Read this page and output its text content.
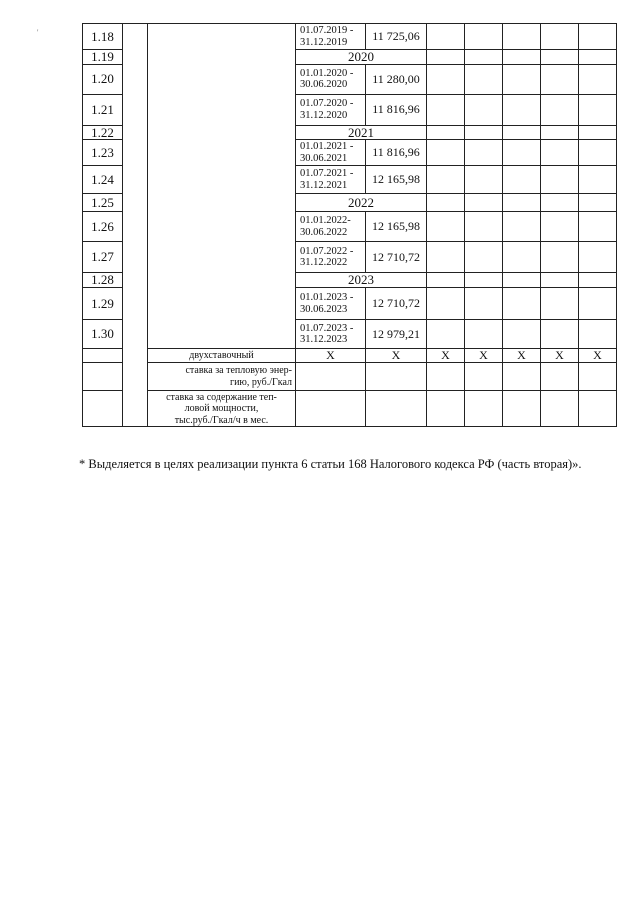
'	1.18			01.07.2019 -
31.12.2019	11 725,06					
1.19			2020						
1.20			01.01.2020 -
30.06.2020	11 280,00					
1.21			01.07.2020 -
31.12.2020	11 816,96					
1.22			2021						
1.23			01.01.2021 -
30.06.2021	11 816,96					
1.24			01.07.2021 -
31.12.2021	12 165,98					
1.25			2022						
1.26			01.01.2022-
30.06.2022	12 165,98					
1.27			01.07.2022 -
31.12.2022	12 710,72					
1.28			2023						
1.29			01.01.2023 -
30.06.2023	12 710,72					
1.30			01.07.2023 -
31.12.2023	12 979,21					
		двухставочный	X	X	X	X	X	X	X

		ставка за тепловую энер-
гию, руб./Гкал							

		ставка за содержание теп-
ловой мощности,
тыс.руб./Гкал/ч в мес.							

* Выделяется в целях реализации пункта 6 статьи 168 Налогового кодекса РФ (часть вторая)».
